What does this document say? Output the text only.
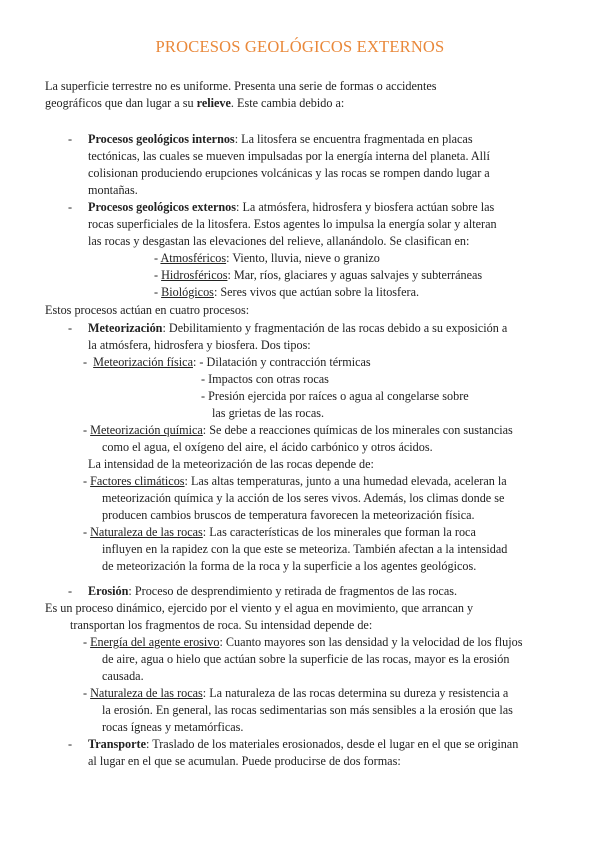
PROCESOS GEOLÓGICOS EXTERNOS
La superficie terrestre no es uniforme. Presenta una serie de formas o accidentes
geográficos que dan lugar a su relieve. Este cambia debido a:
- Procesos geológicos internos: La litosfera se encuentra fragmentada en placas
tectónicas, las cuales se mueven impulsadas por la energía interna del planeta. Allí
colisionan produciendo erupciones volcánicas y las rocas se rompen dando lugar a
montañas.
- Procesos geológicos externos: La atmósfera, hidrosfera y biosfera actúan sobre las
rocas superficiales de la litosfera. Estos agentes lo impulsa la energía solar y alteran
las rocas y desgastan las elevaciones del relieve, allanándolo. Se clasifican en:
- Atmosféricos: Viento, lluvia, nieve o granizo
- Hidrosféricos: Mar, ríos, glaciares y aguas salvajes y subterráneas
- Biológicos: Seres vivos que actúan sobre la litosfera.
Estos procesos actúan en cuatro procesos:
- Meteorización: Debilitamiento y fragmentación de las rocas debido a su exposición a
la atmósfera, hidrosfera y biosfera. Dos tipos:
- Meteorización física: - Dilatación y contracción térmicas
- Impactos con otras rocas
- Presión ejercida por raíces o agua al congelarse sobre
las grietas de las rocas.
- Meteorización química: Se debe a reacciones químicas de los minerales con sustancias
como el agua, el oxígeno del aire, el ácido carbónico y otros ácidos.
La intensidad de la meteorización de las rocas depende de:
- Factores climáticos: Las altas temperaturas, junto a una humedad elevada, aceleran la
meteorización química y la acción de los seres vivos. Además, los climas donde se
producen cambios bruscos de temperatura favorecen la meteorización física.
- Naturaleza de las rocas: Las características de los minerales que forman la roca
influyen en la rapidez con la que este se meteoriza. También afectan a la intensidad
de meteorización la forma de la roca y la superficie a los agentes geológicos.
- Erosión: Proceso de desprendimiento y retirada de fragmentos de las rocas.
Es un proceso dinámico, ejercido por el viento y el agua en movimiento, que arrancan y
transportan los fragmentos de roca. Su intensidad depende de:
- Energía del agente erosivo: Cuanto mayores son las densidad y la velocidad de los flujos
de aire, agua o hielo que actúan sobre la superficie de las rocas, mayor es la erosión
causada.
- Naturaleza de las rocas: La naturaleza de las rocas determina su dureza y resistencia a
la erosión. En general, las rocas sedimentarias son más sensibles a la erosión que las
rocas ígneas y metamórficas.
- Transporte: Traslado de los materiales erosionados, desde el lugar en el que se originan
al lugar en el que se acumulan. Puede producirse de dos formas:
